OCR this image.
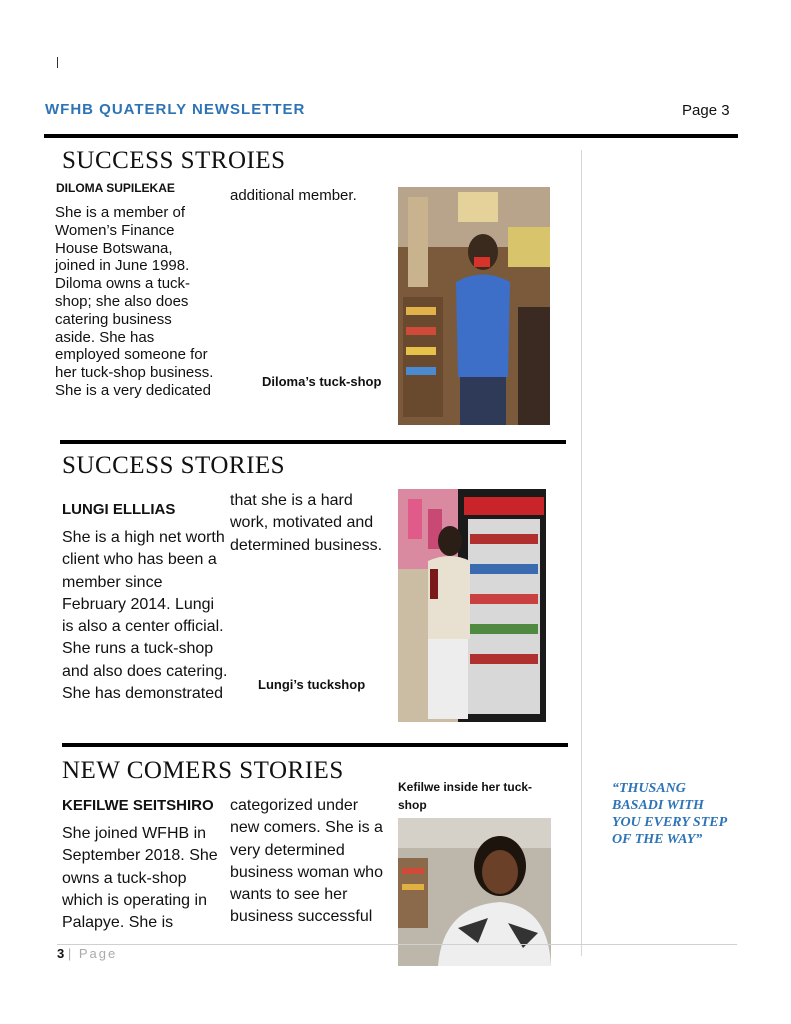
WFHB QUATERLY NEWSLETTER	Page 3
SUCCESS STROIES
DILOMA SUPILEKAE
She is a member of Women’s Finance House Botswana, joined in June 1998. Diloma owns a tuck-shop; she also does catering business aside. She has employed someone for her tuck-shop business. She is a very dedicated
additional member.
Diloma’s tuck-shop
SUCCESS STORIES
LUNGI ELLLIAS
She is a high net worth client who has been a member since February 2014. Lungi is also a center official. She runs a tuck-shop and also does catering. She has demonstrated
that she is a hard work, motivated and determined business.
Lungi’s tuckshop
NEW COMERS STORIES
KEFILWE SEITSHIRO
She joined WFHB in September 2018. She owns a tuck-shop which is operating in Palapye. She is
categorized under new comers. She is a very determined business woman who wants to see her business successful
Kefilwe inside her tuck-shop
“THUSANG BASADI WITH YOU EVERY STEP OF THE WAY”
3 | Page
